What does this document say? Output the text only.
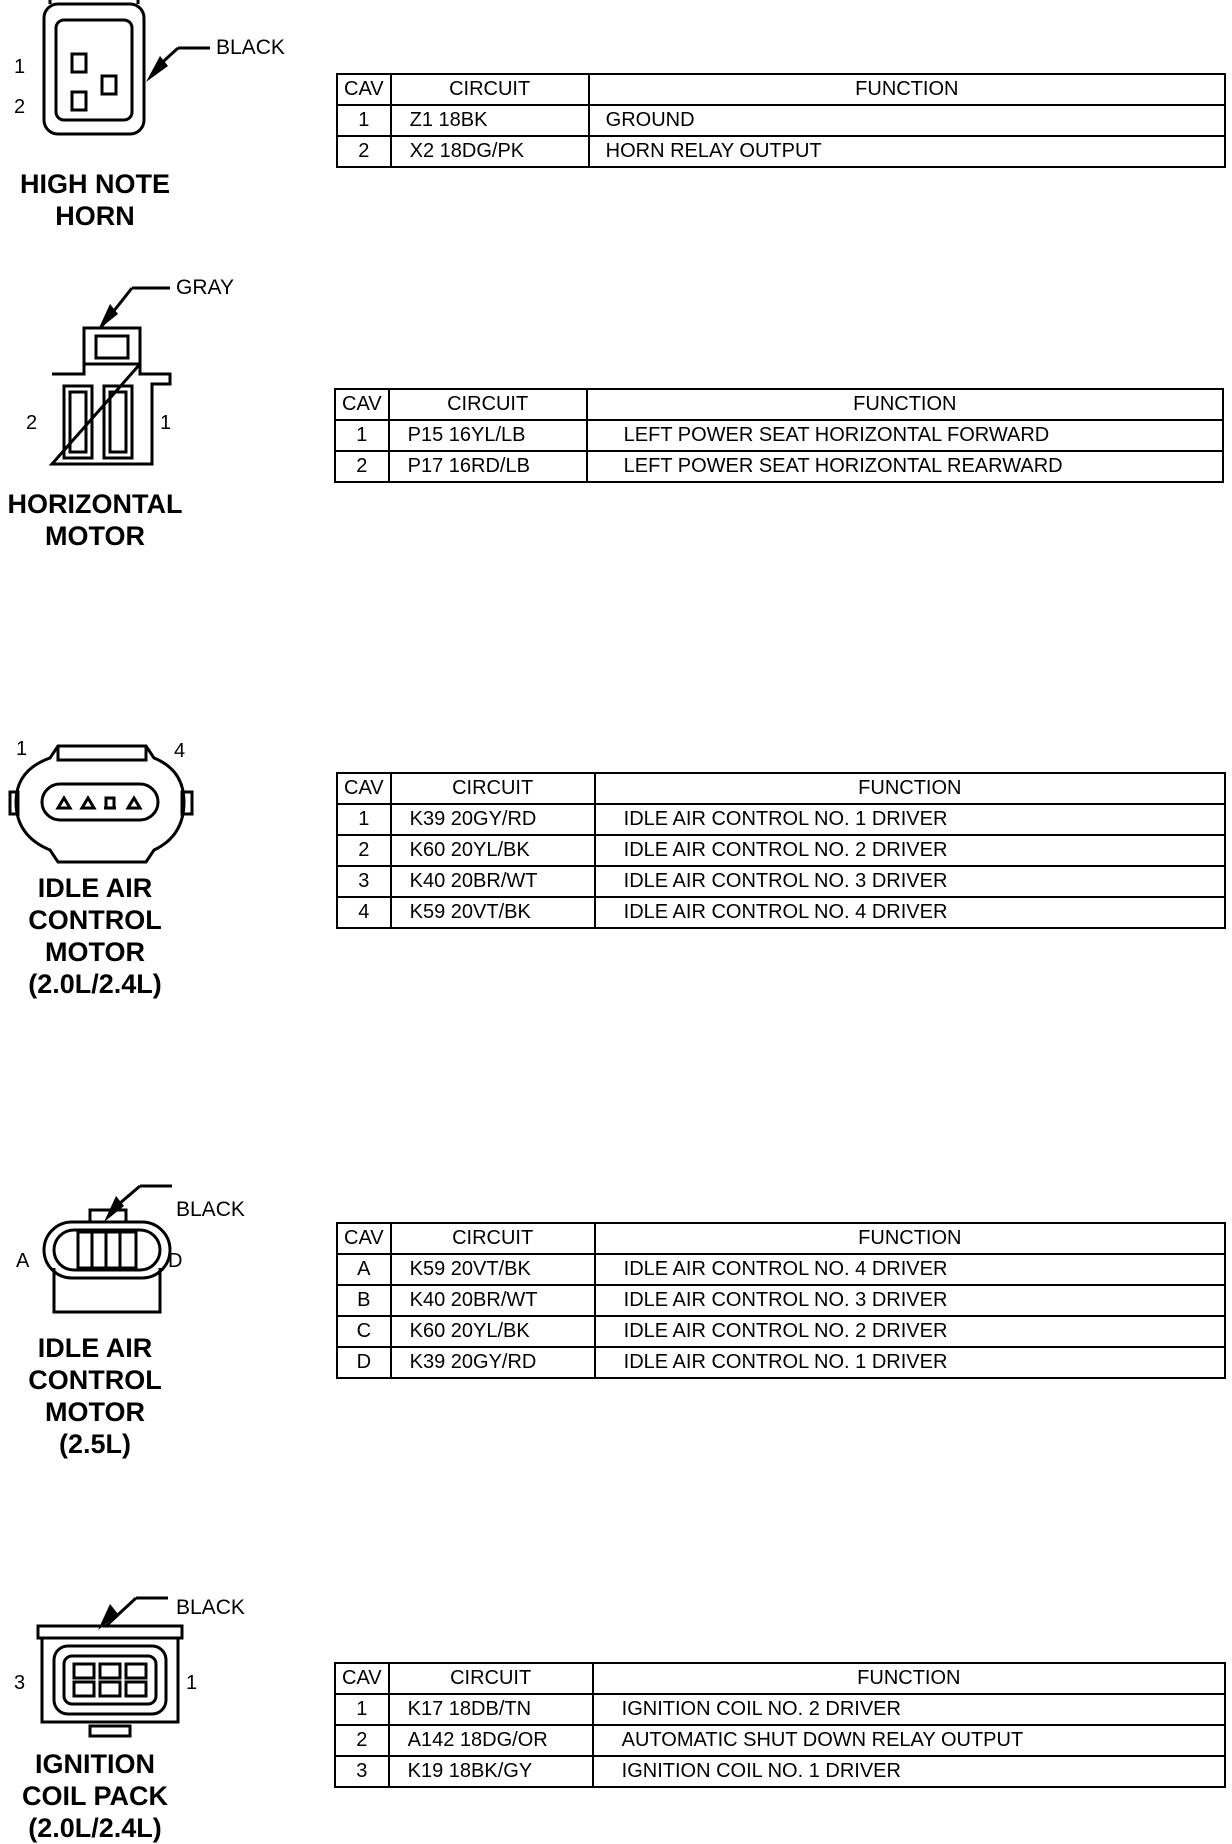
BLACK
1
2
HIGH NOTE
HORN
CAV	CIRCUIT	FUNCTION
1	Z1 18BK	GROUND
2	X2 18DG/PK	HORN RELAY OUTPUT
GRAY
2	1
HORIZONTAL
MOTOR
CAV	CIRCUIT	FUNCTION
1	P15 16YL/LB	LEFT POWER SEAT HORIZONTAL FORWARD
2	P17 16RD/LB	LEFT POWER SEAT HORIZONTAL REARWARD
1	4
IDLE AIR
CONTROL
MOTOR
(2.0L/2.4L)
CAV	CIRCUIT	FUNCTION
1	K39 20GY/RD	IDLE AIR CONTROL NO. 1 DRIVER
2	K60 20YL/BK	IDLE AIR CONTROL NO. 2 DRIVER
3	K40 20BR/WT	IDLE AIR CONTROL NO. 3 DRIVER
4	K59 20VT/BK	IDLE AIR CONTROL NO. 4 DRIVER
BLACK
A	D
IDLE AIR
CONTROL
MOTOR
(2.5L)
CAV	CIRCUIT	FUNCTION
A	K59 20VT/BK	IDLE AIR CONTROL NO. 4 DRIVER
B	K40 20BR/WT	IDLE AIR CONTROL NO. 3 DRIVER
C	K60 20YL/BK	IDLE AIR CONTROL NO. 2 DRIVER
D	K39 20GY/RD	IDLE AIR CONTROL NO. 1 DRIVER
BLACK
3	1
IGNITION
COIL PACK
(2.0L/2.4L)
CAV	CIRCUIT	FUNCTION
1	K17 18DB/TN	IGNITION COIL NO. 2 DRIVER
2	A142 18DG/OR	AUTOMATIC SHUT DOWN RELAY OUTPUT
3	K19 18BK/GY	IGNITION COIL NO. 1 DRIVER
